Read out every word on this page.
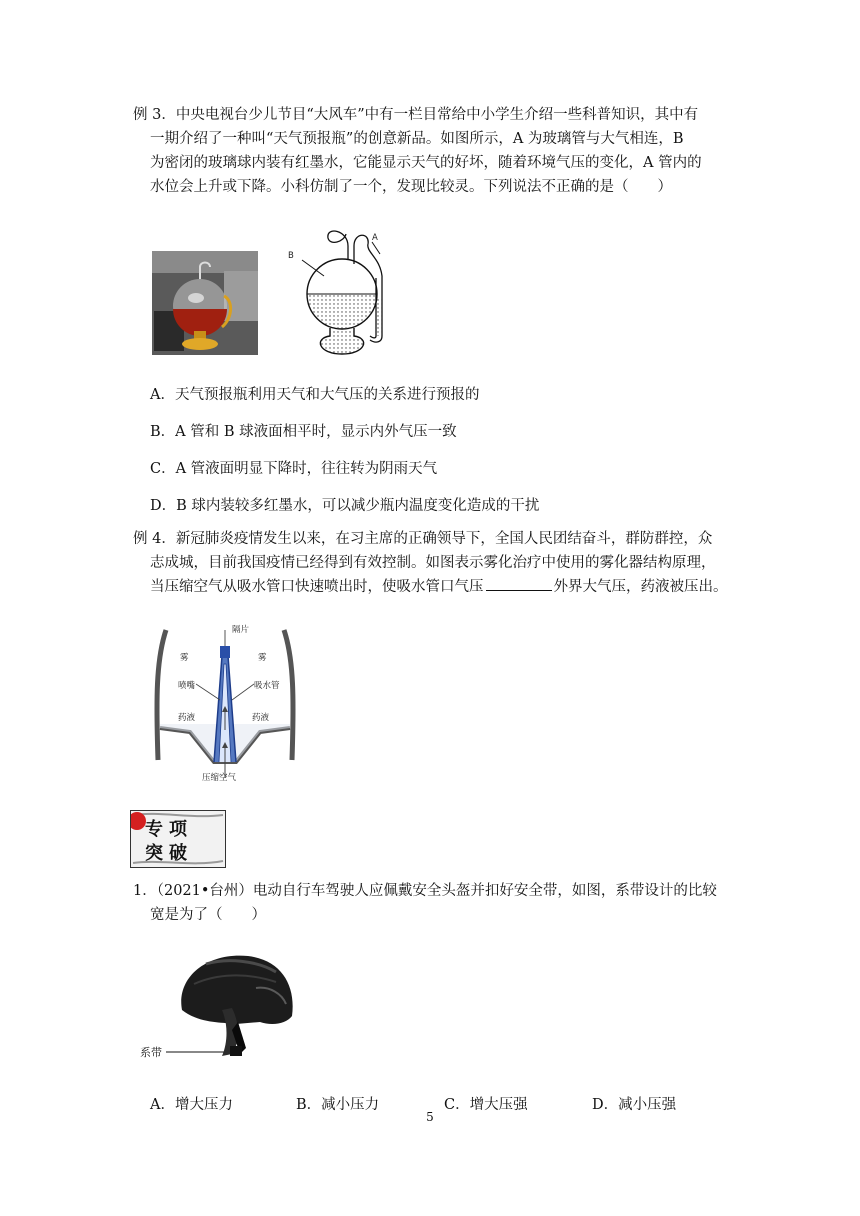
例 3．中央电视台少儿节目“大风车”中有一栏目常给中小学生介绍一些科普知识，其中有
一期介绍了一种叫“天气预报瓶”的创意新品。如图所示，A 为玻璃管与大气相连，B
为密闭的玻璃球内装有红墨水，它能显示天气的好坏，随着环境气压的变化，A 管内的
水位会上升或下降。小科仿制了一个，发现比较灵。下列说法不正确的是（　　）
B
A
A．天气预报瓶利用天气和大气压的关系进行预报的
B．A 管和 B 球液面相平时，显示内外气压一致
C．A 管液面明显下降时，往往转为阴雨天气
D．B 球内装较多红墨水，可以减少瓶内温度变化造成的干扰
例 4．新冠肺炎疫情发生以来，在习主席的正确领导下，全国人民团结奋斗，群防群控，众
志成城，目前我国疫情已经得到有效控制。如图表示雾化治疗中使用的雾化器结构原理，
当压缩空气从吸水管口快速喷出时，使吸水管口气压	外界大气压，药液被压出。
隔片
雾	雾
喷嘴	吸水管
药液	药液
压缩空气
专项
突破
1．（2021•台州）电动自行车驾驶人应佩戴安全头盔并扣好安全带，如图，系带设计的比较
宽是为了（　　）
系带
A．增大压力	B．减小压力	C．增大压强	D．减小压强
5
